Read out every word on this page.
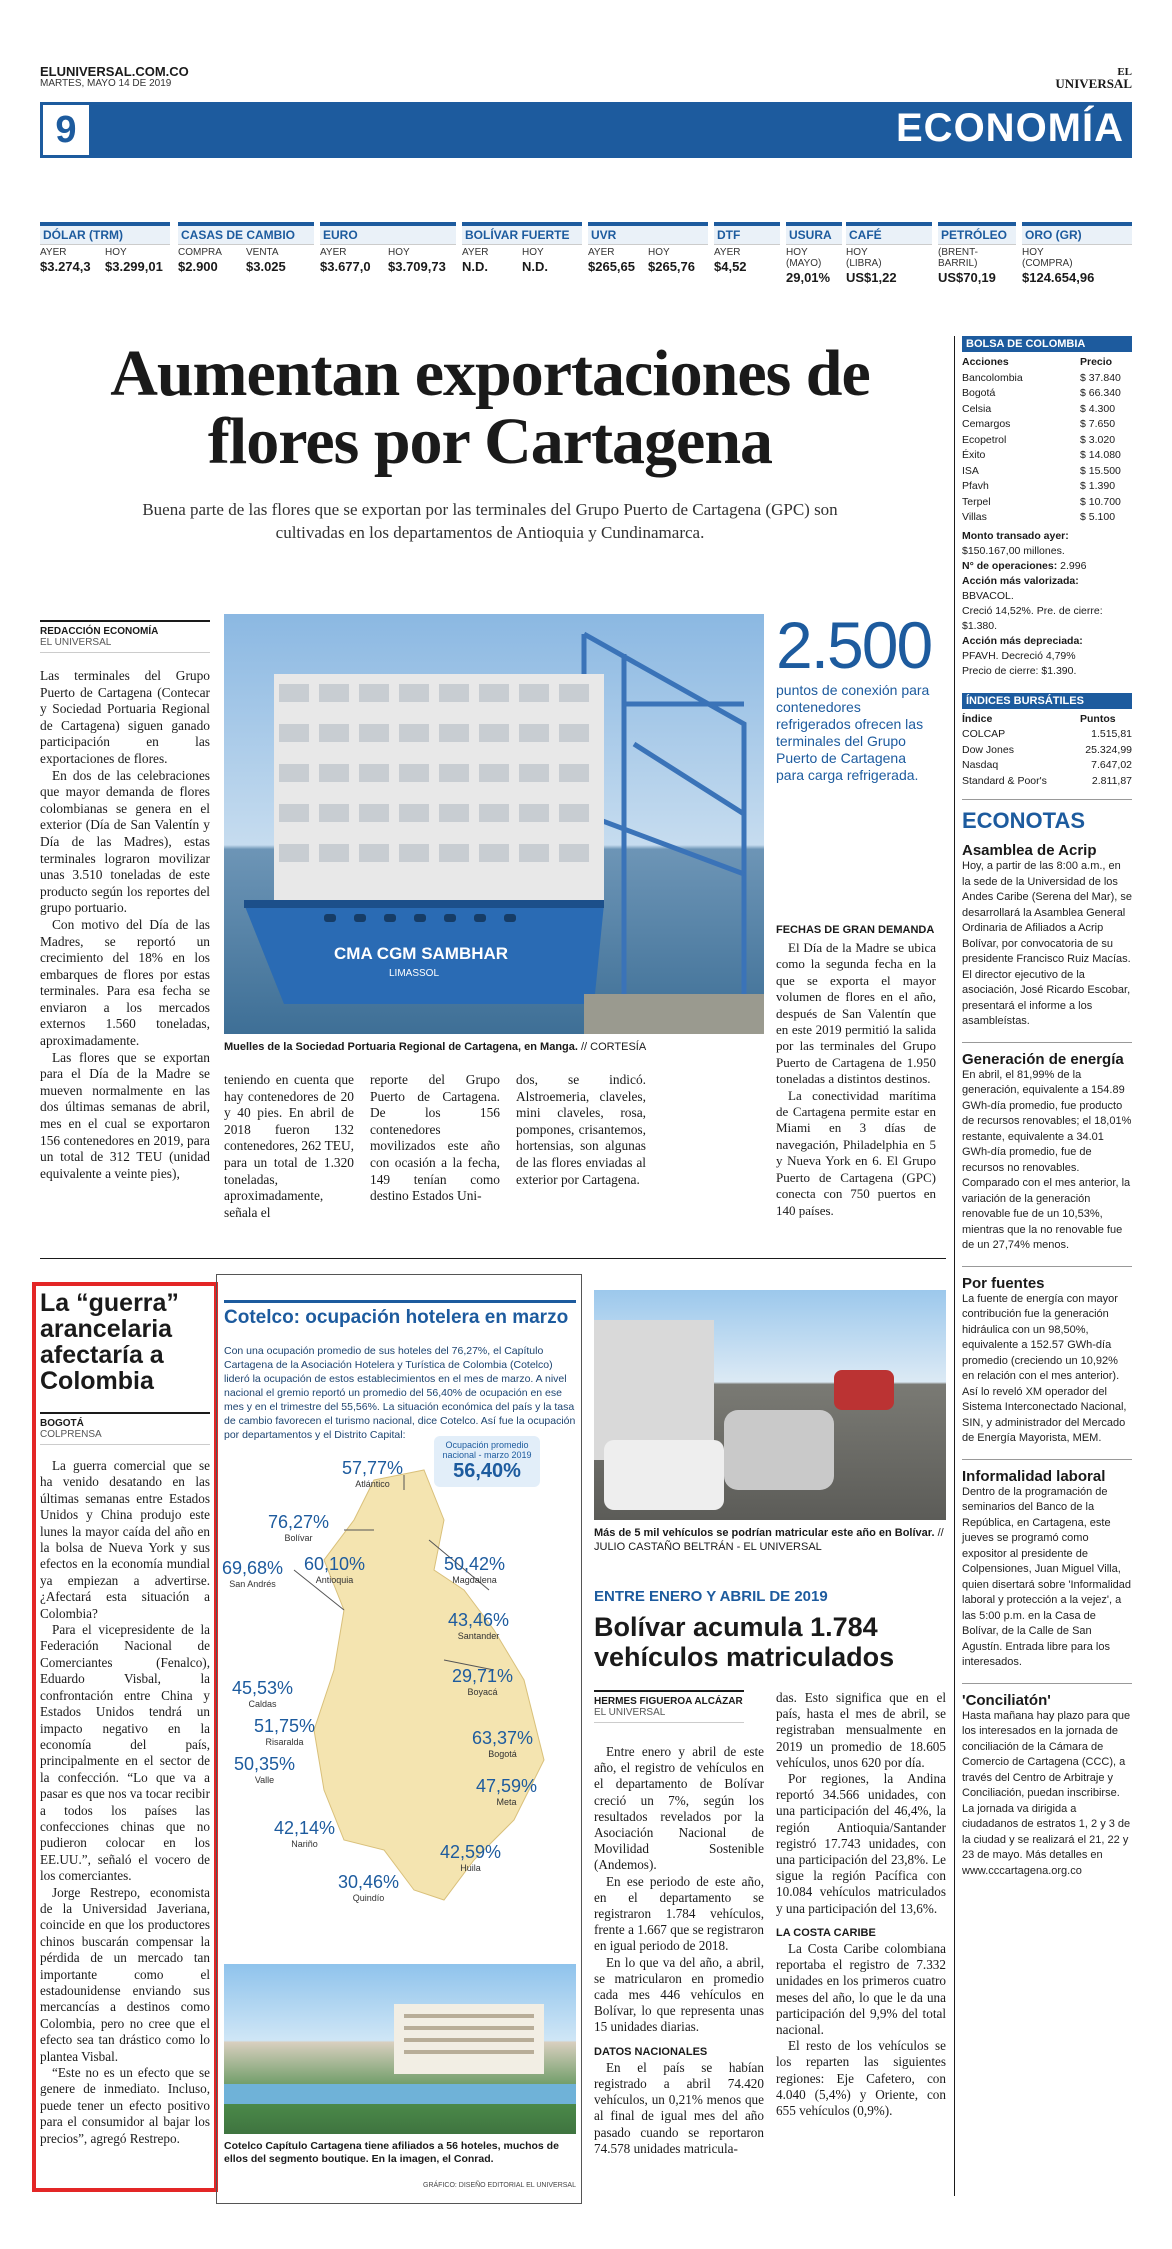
ELUNIVERSAL.COM.CO
MARTES, MAYO 14 DE 2019
EL
UNIVERSAL
9	ECONOMÍA
DÓLAR (TRM)
AYER	HOY
$3.274,3	$3.299,01
CASAS DE CAMBIO
COMPRA	VENTA
$2.900	$3.025
EURO
AYER	HOY
$3.677,0	$3.709,73
BOLÍVAR FUERTE
AYER	HOY
N.D.	N.D.
UVR
AYER	HOY
$265,65	$265,76
DTF
AYER
$4,52
USURA
HOY (MAYO)
29,01%
CAFÉ
HOY (LIBRA)
US$1,22
PETRÓLEO
(BRENT-BARRIL)
US$70,19
ORO (GR)
HOY (COMPRA)
$124.654,96
Aumentan exportaciones de flores por Cartagena
Buena parte de las flores que se exportan por las terminales del Grupo Puerto de Cartagena (GPC) son cultivadas en los departamentos de Antioquia y Cundinamarca.
REDACCIÓN ECONOMÍA
EL UNIVERSAL

Las terminales del Grupo Puerto de Cartagena (Contecar y Sociedad Portuaria Regional de Cartagena) siguen ganado participación en las exportaciones de flores.

En dos de las celebraciones que mayor demanda de flores colombianas se genera en el exterior (Día de San Valentín y Día de las Madres), estas terminales lograron movilizar unas 3.510 toneladas de este producto según los reportes del grupo portuario.

Con motivo del Día de las Madres, se reportó un crecimiento del 18% en los embarques de flores por estas terminales. Para esa fecha se enviaron a los mercados externos 1.560 toneladas, aproximadamente.

Las flores que se exportan para el Día de la Madre se mueven normalmente en las dos últimas semanas de abril, mes en el cual se exportaron 156 contenedores en 2019, para un total de 312 TEU (unidad equivalente a veinte pies),

CMA CGM SAMBHAR
LIMASSOL
Muelles de la Sociedad Portuaria Regional de Cartagena, en Manga. // CORTESÍA
2.500
puntos de conexión para contenedores refrigerados ofrecen las terminales del Grupo Puerto de Cartagena para carga refrigerada.
FECHAS DE GRAN DEMANDA

El Día de la Madre se ubica como la segunda fecha en la que se exporta el mayor volumen de flores en el año, después de San Valentín que en este 2019 permitió la salida por las terminales del Grupo Puerto de Cartagena de 1.950 toneladas a distintos destinos.

La conectividad marítima de Cartagena permite estar en Miami en 3 días de navegación, Philadelphia en 5 y Nueva York en 6. El Grupo Puerto de Cartagena (GPC) conecta con 750 puertos en 140 países.

teniendo en cuenta que hay contenedores de 20 y 40 pies. En abril de 2018 fueron 132 contenedores, 262 TEU, para un total de 1.320 toneladas, aproximadamente, señala el
reporte del Grupo Puerto de Cartagena. De los 156 contenedores movilizados este año con ocasión a la fecha, 149 tenían como destino Estados Uni-
dos, se indicó. Alstroemeria, claveles, mini claveles, rosa, pompones, crisantemos, hortensias, son algunas de las flores enviadas al exterior por Cartagena.
La “guerra” arancelaria afectaría a Colombia
BOGOTÁ
COLPRENSA

La guerra comercial que se ha venido desatando en las últimas semanas entre Estados Unidos y China produjo este lunes la mayor caída del año en la bolsa de Nueva York y sus efectos en la economía mundial ya empiezan a advertirse. ¿Afectará esta situación a Colombia?

Para el vicepresidente de la Federación Nacional de Comerciantes (Fenalco), Eduardo Visbal, la confrontación entre China y Estados Unidos tendrá un impacto negativo en la economía del país, principalmente en el sector de la confección. “Lo que va a pasar es que nos va tocar recibir a todos los países las confecciones chinas que no pudieron colocar en los EE.UU.”, señaló el vocero de los comerciantes.

Jorge Restrepo, economista de la Universidad Javeriana, coincide en que los productores chinos buscarán compensar la pérdida de un mercado tan importante como el estadounidense enviando sus mercancías a destinos como Colombia, pero no cree que el efecto sea tan drástico como lo plantea Visbal.

“Este no es un efecto que se genere de inmediato. Incluso, puede tener un efecto positivo para el consumidor al bajar los precios”, agregó Restrepo.

Cotelco: ocupación hotelera en marzo
Con una ocupación promedio de sus hoteles del 76,27%, el Capítulo Cartagena de la Asociación Hotelera y Turística de Colombia (Cotelco) lideró la ocupación de estos establecimientos en el mes de marzo. A nivel nacional el gremio reportó un promedio del 56,40% de ocupación en ese mes y en el trimestre del 55,56%. La situación económica del país y la tasa de cambio favorecen el turismo nacional, dice Cotelco. Así fue la ocupación por departamentos y el Distrito Capital:
Ocupación promedio nacional - marzo 2019
56,40%
57,77%
Atlántico
76,27%
Bolívar
69,68%
San Andrés
60,10%
Antioquia
50,42%
Magdalena
43,46%
Santander
45,53%
Caldas
29,71%
Boyacá
51,75%
Risaralda	63,37%
Bogotá
50,35%
Valle	47,59%
Meta
42,14%
Nariño	42,59%
Huila
30,46%
Quindío
Cotelco Capítulo Cartagena tiene afiliados a 56 hoteles, muchos de ellos del segmento boutique. En la imagen, el Conrad.
GRÁFICO: DISEÑO EDITORIAL EL UNIVERSAL
Más de 5 mil vehículos se podrían matricular este año en Bolívar. // JULIO CASTAÑO BELTRÁN - EL UNIVERSAL
ENTRE ENERO Y ABRIL DE 2019
Bolívar acumula 1.784 vehículos matriculados
HERMES FIGUEROA ALCÁZAR
EL UNIVERSAL

Entre enero y abril de este año, el registro de vehículos en el departamento de Bolívar creció un 7%, según los resultados revelados por la Asociación Nacional de Movilidad Sostenible (Andemos).

En ese periodo de este año, en el departamento se registraron 1.784 vehículos, frente a 1.667 que se registraron en igual periodo de 2018.

En lo que va del año, a abril, se matricularon en promedio cada mes 446 vehículos en Bolívar, lo que representa unas 15 unidades diarias.

DATOS NACIONALES

En el país se habían registrado a abril 74.420 vehículos, un 0,21% menos que al final de igual mes del año pasado cuando se reportaron 74.578 unidades matricula-

das. Esto significa que en el país, hasta el mes de abril, se registraban mensualmente en 2019 un promedio de 18.605 vehículos, unos 620 por día.

Por regiones, la Andina reportó 34.566 unidades, con una participación del 46,4%, la región Antioquia/Santander registró 17.743 unidades, con una participación del 23,8%. Le sigue la región Pacífica con 10.084 vehículos matriculados y una participación del 13,6%.

LA COSTA CARIBE

La Costa Caribe colombiana reportaba el registro de 7.332 unidades en los primeros cuatro meses del año, lo que le da una participación del 9,9% del total nacional.

El resto de los vehículos se los reparten las siguientes regiones: Eje Cafetero, con 4.040 (5,4%) y Oriente, con 655 vehículos (0,9%).

BOLSA DE COLOMBIA
Acciones	Precio
Bancolombia	$ 37.840
Bogotá	$ 66.340
Celsia	$ 4.300
Cemargos	$ 7.650
Ecopetrol	$ 3.020
Éxito	$ 14.080
ISA	$ 15.500
Pfavh	$ 1.390
Terpel	$ 10.700
Villas	$ 5.100
Monto transado ayer:
$150.167,00 millones.
N° de operaciones: 2.996
Acción más valorizada: BBVACOL.
Creció 14,52%. Pre. de cierre: $1.380.
Acción más depreciada:
PFAVH. Decreció 4,79%
Precio de cierre: $1.390.
ÍNDICES BURSÁTILES
Índice	Puntos
COLCAP	1.515,81
Dow Jones	25.324,99
Nasdaq	7.647,02
Standard & Poor's	2.811,87
ECONOTAS
Asamblea de Acrip
Hoy, a partir de las 8:00 a.m., en la sede de la Universidad de los Andes Caribe (Serena del Mar), se desarrollará la Asamblea General Ordinaria de Afiliados a Acrip Bolívar, por convocatoria de su presidente Francisco Ruiz Macías. El director ejecutivo de la asociación, José Ricardo Escobar, presentará el informe a los asambleístas.
Generación de energía
En abril, el 81,99% de la generación, equivalente a 154.89 GWh-día promedio, fue producto de recursos renovables; el 18,01% restante, equivalente a 34.01 GWh-día promedio, fue de recursos no renovables. Comparado con el mes anterior, la variación de la generación renovable fue de un 10,53%, mientras que la no renovable fue de un 27,74% menos.
Por fuentes
La fuente de energía con mayor contribución fue la generación hidráulica con un 98,50%, equivalente a 152.57 GWh-día promedio (creciendo un 10,92% en relación con el mes anterior). Así lo reveló XM operador del Sistema Interconectado Nacional, SIN, y administrador del Mercado de Energía Mayorista, MEM.
Informalidad laboral
Dentro de la programación de seminarios del Banco de la República, en Cartagena, este jueves se programó como expositor al presidente de Colpensiones, Juan Miguel Villa, quien disertará sobre 'Informalidad laboral y protección a la vejez', a las 5:00 p.m. en la Casa de Bolívar, de la Calle de San Agustín. Entrada libre para los interesados.
'Conciliatón'
Hasta mañana hay plazo para que los interesados en la jornada de conciliación de la Cámara de Comercio de Cartagena (CCC), a través del Centro de Arbitraje y Conciliación, puedan inscribirse. La jornada va dirigida a ciudadanos de estratos 1, 2 y 3 de la ciudad y se realizará el 21, 22 y 23 de mayo. Más detalles en www.cccartagena.org.co
